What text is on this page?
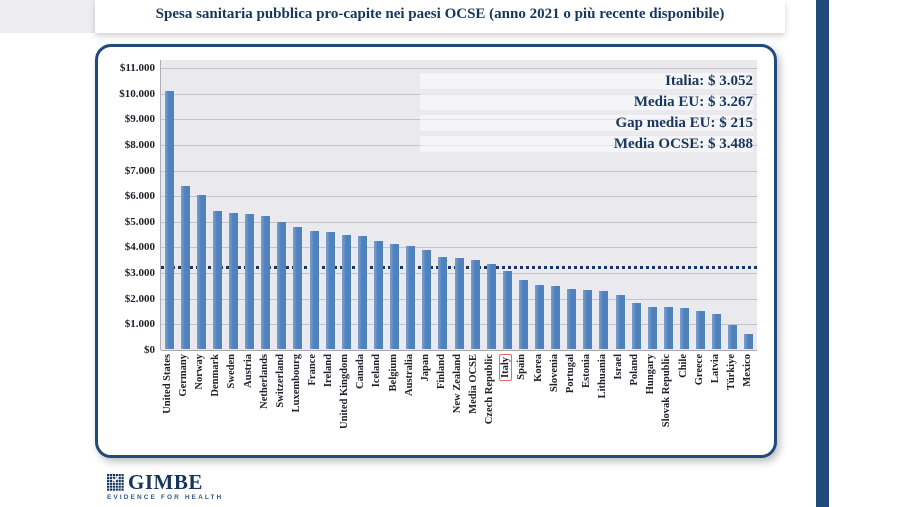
Spesa sanitaria pubblica pro-capite nei paesi OCSE (anno 2021 o più recente disponibile)
$0
$1.000
$2.000
$3.000
$4.000
$5.000
$6.000
$7.000
$8.000
$9.000
$10.000
$11.000
United States Germany Norway Denmark Sweden Austria Netherlands Switzerland Luxembourg France Ireland United Kingdom Canada Iceland Belgium Australia Japan Finland New Zealand Media OCSE Czech Republic Italy Spain Korea Slovenia Portugal Estonia Lithuania Israel Poland Hungary Slovak Republic Chile Greece Latvia Türkiye Mexico
Italia: $ 3.052
Media EU: $ 3.267
Gap media EU: $ 215
Media OCSE: $ 3.488
GIMBE
EVIDENCE FOR HEALTH
